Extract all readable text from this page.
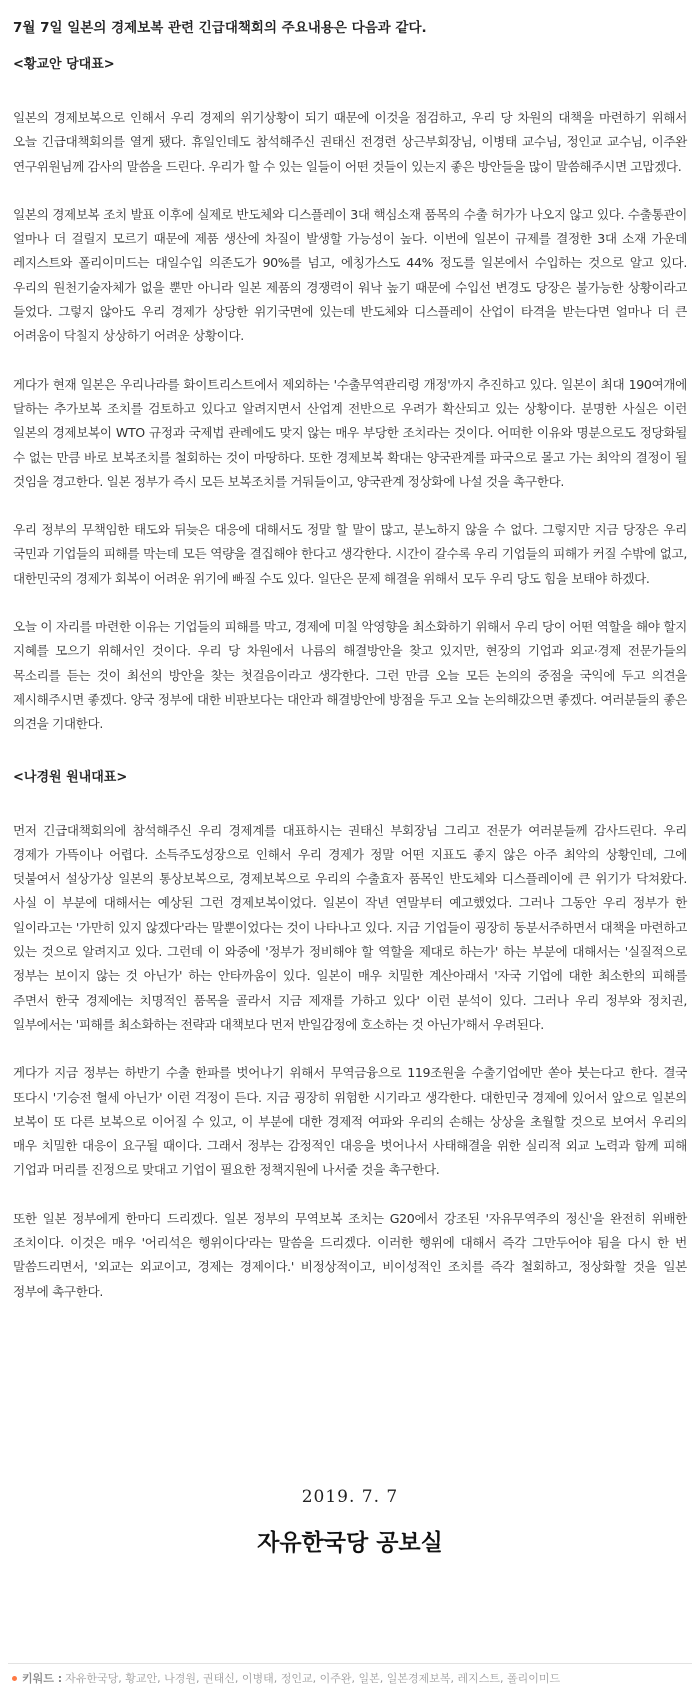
7월 7일 일본의 경제보복 관련 긴급대책회의 주요내용은 다음과 같다.
<황교안 당대표>

일본의 경제보복으로 인해서 우리 경제의 위기상황이 되기 때문에 이것을 점검하고, 우리 당 차원의 대책을 마련하기 위해서 오늘 긴급대책회의를 열게 됐다. 휴일인데도 참석해주신 권태신 전경련 상근부회장님, 이병태 교수님, 정인교 교수님, 이주완 연구위원님께 감사의 말씀을 드린다. 우리가 할 수 있는 일들이 어떤 것들이 있는지 좋은 방안들을 많이 말씀해주시면 고맙겠다.

일본의 경제보복 조치 발표 이후에 실제로 반도체와 디스플레이 3대 핵심소재 품목의 수출 허가가 나오지 않고 있다. 수출통관이 얼마나 더 걸릴지 모르기 때문에 제품 생산에 차질이 발생할 가능성이 높다. 이번에 일본이 규제를 결정한 3대 소재 가운데 레지스트와 폴리이미드는 대일수입 의존도가 90%를 넘고, 에칭가스도 44% 정도를 일본에서 수입하는 것으로 알고 있다. 우리의 원천기술자체가 없을 뿐만 아니라 일본 제품의 경쟁력이 워낙 높기 때문에 수입선 변경도 당장은 불가능한 상황이라고 들었다. 그렇지 않아도 우리 경제가 상당한 위기국면에 있는데 반도체와 디스플레이 산업이 타격을 받는다면 얼마나 더 큰 어려움이 닥칠지 상상하기 어려운 상황이다.

게다가 현재 일본은 우리나라를 화이트리스트에서 제외하는 '수출무역관리령 개정'까지 추진하고 있다. 일본이 최대 190여개에 달하는 추가보복 조치를 검토하고 있다고 알려지면서 산업계 전반으로 우려가 확산되고 있는 상황이다. 분명한 사실은 이런 일본의 경제보복이 WTO 규정과 국제법 관례에도 맞지 않는 매우 부당한 조치라는 것이다. 어떠한 이유와 명분으로도 정당화될 수 없는 만큼 바로 보복조치를 철회하는 것이 마땅하다. 또한 경제보복 확대는 양국관계를 파국으로 몰고 가는 최악의 결정이 될 것임을 경고한다. 일본 정부가 즉시 모든 보복조치를 거둬들이고, 양국관계 정상화에 나설 것을 촉구한다.

우리 정부의 무책임한 태도와 뒤늦은 대응에 대해서도 정말 할 말이 많고, 분노하지 않을 수 없다. 그렇지만 지금 당장은 우리 국민과 기업들의 피해를 막는데 모든 역량을 결집해야 한다고 생각한다. 시간이 갈수록 우리 기업들의 피해가 커질 수밖에 없고, 대한민국의 경제가 회복이 어려운 위기에 빠질 수도 있다. 일단은 문제 해결을 위해서 모두 우리 당도 힘을 보태야 하겠다.

오늘 이 자리를 마련한 이유는 기업들의 피해를 막고, 경제에 미칠 악영향을 최소화하기 위해서 우리 당이 어떤 역할을 해야 할지 지혜를 모으기 위해서인 것이다. 우리 당 차원에서 나름의 해결방안을 찾고 있지만, 현장의 기업과 외교·경제 전문가들의 목소리를 듣는 것이 최선의 방안을 찾는 첫걸음이라고 생각한다. 그런 만큼 오늘 모든 논의의 중점을 국익에 두고 의견을 제시해주시면 좋겠다. 양국 정부에 대한 비판보다는 대안과 해결방안에 방점을 두고 오늘 논의해갔으면 좋겠다. 여러분들의 좋은 의견을 기대한다.

<나경원 원내대표>

먼저 긴급대책회의에 참석해주신 우리 경제계를 대표하시는 권태신 부회장님 그리고 전문가 여러분들께 감사드린다. 우리 경제가 가뜩이나 어렵다. 소득주도성장으로 인해서 우리 경제가 정말 어떤 지표도 좋지 않은 아주 최악의 상황인데, 그에 덧붙여서 설상가상 일본의 통상보복으로, 경제보복으로 우리의 수출효자 품목인 반도체와 디스플레이에 큰 위기가 닥쳐왔다. 사실 이 부분에 대해서는 예상된 그런 경제보복이었다. 일본이 작년 연말부터 예고했었다. 그러나 그동안 우리 정부가 한 일이라고는 '가만히 있지 않겠다'라는 말뿐이었다는 것이 나타나고 있다. 지금 기업들이 굉장히 동분서주하면서 대책을 마련하고 있는 것으로 알려지고 있다. 그런데 이 와중에 '정부가 정비해야 할 역할을 제대로 하는가' 하는 부분에 대해서는 '실질적으로 정부는 보이지 않는 것 아닌가' 하는 안타까움이 있다. 일본이 매우 치밀한 계산아래서 '자국 기업에 대한 최소한의 피해를 주면서 한국 경제에는 치명적인 품목을 골라서 지금 제재를 가하고 있다' 이런 분석이 있다. 그러나 우리 정부와 정치권, 일부에서는 '피해를 최소화하는 전략과 대책보다 먼저 반일감정에 호소하는 것 아닌가'해서 우려된다.

게다가 지금 정부는 하반기 수출 한파를 벗어나기 위해서 무역금융으로 119조원을 수출기업에만 쏟아 붓는다고 한다. 결국 또다시 '기승전 혈세 아닌가' 이런 걱정이 든다. 지금 굉장히 위험한 시기라고 생각한다. 대한민국 경제에 있어서 앞으로 일본의 보복이 또 다른 보복으로 이어질 수 있고, 이 부분에 대한 경제적 여파와 우리의 손해는 상상을 초월할 것으로 보여서 우리의 매우 치밀한 대응이 요구될 때이다. 그래서 정부는 감정적인 대응을 벗어나서 사태해결을 위한 실리적 외교 노력과 함께 피해 기업과 머리를 진정으로 맞대고 기업이 필요한 정책지원에 나서줄 것을 촉구한다.

또한 일본 정부에게 한마디 드리겠다. 일본 정부의 무역보복 조치는 G20에서 강조된 '자유무역주의 정신'을 완전히 위배한 조치이다. 이것은 매우 '어리석은 행위이다'라는 말씀을 드리겠다. 이러한 행위에 대해서 즉각 그만두어야 됨을 다시 한 번 말씀드리면서, '외교는 외교이고, 경제는 경제이다.' 비정상적이고, 비이성적인 조치를 즉각 철회하고, 정상화할 것을 일본 정부에 촉구한다.

2019. 7. 7
자유한국당 공보실
키워드 : 자유한국당, 황교안, 나경원, 권태신, 이병태, 정인교, 이주완, 일본, 일본경제보복, 레지스트, 폴리이미드
